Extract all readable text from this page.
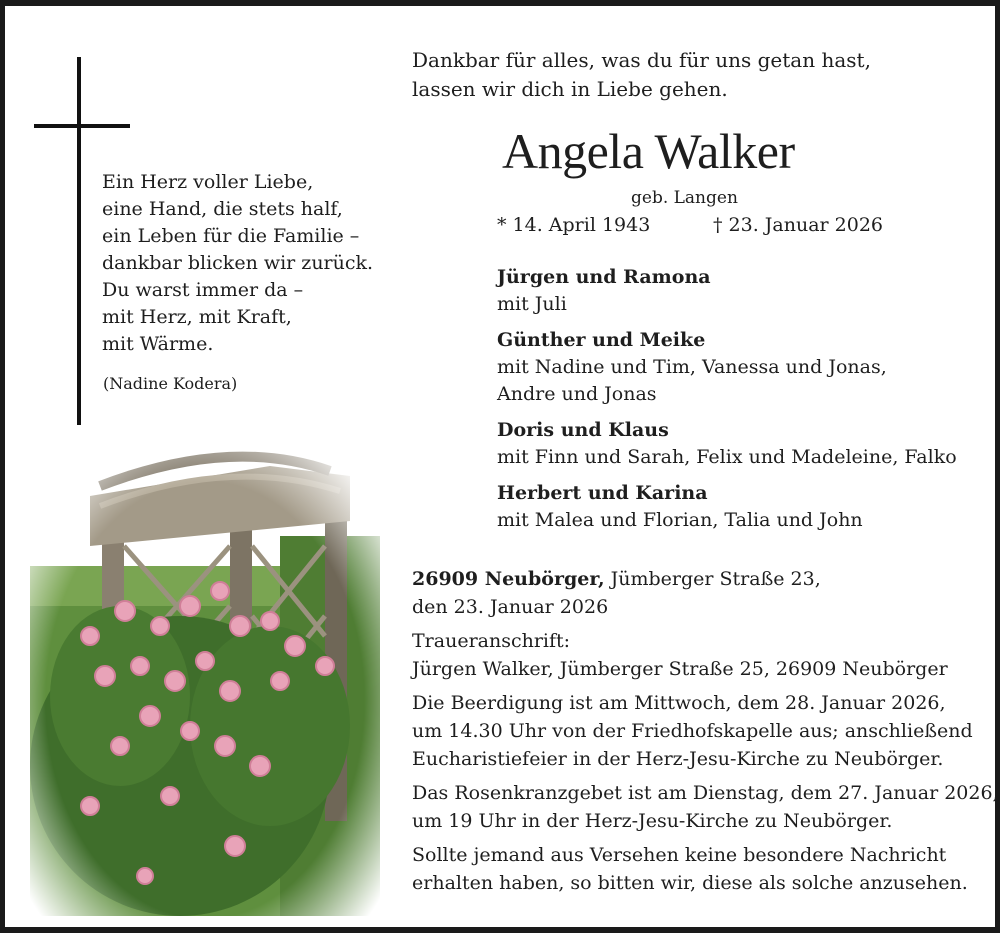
Ein Herz voller Liebe,
eine Hand, die stets half,
ein Leben für die Familie –
dankbar blicken wir zurück.
Du warst immer da –
mit Herz, mit Kraft,
mit Wärme.
(Nadine Kodera)
Dankbar für alles, was du für uns getan hast,
lassen wir dich in Liebe gehen.
Angela Walker
geb. Langen
* 14. April 1943	† 23. Januar 2026
Jürgen und Ramona
mit Juli
Günther und Meike
mit Nadine und Tim, Vanessa und Jonas,
Andre und Jonas
Doris und Klaus
mit Finn und Sarah, Felix und Madeleine, Falko
Herbert und Karina
mit Malea und Florian, Talia und John
26909 Neubörger, Jümberger Straße 23,
den 23. Januar 2026
Traueranschrift:
Jürgen Walker, Jümberger Straße 25, 26909 Neubörger
Die Beerdigung ist am Mittwoch, dem 28. Januar 2026,
um 14.30 Uhr von der Friedhofskapelle aus; anschließend
Eucharistiefeier in der Herz-Jesu-Kirche zu Neubörger.
Das Rosenkranzgebet ist am Dienstag, dem 27. Januar 2026,
um 19 Uhr in der Herz-Jesu-Kirche zu Neubörger.
Sollte jemand aus Versehen keine besondere Nachricht
erhalten haben, so bitten wir, diese als solche anzusehen.
